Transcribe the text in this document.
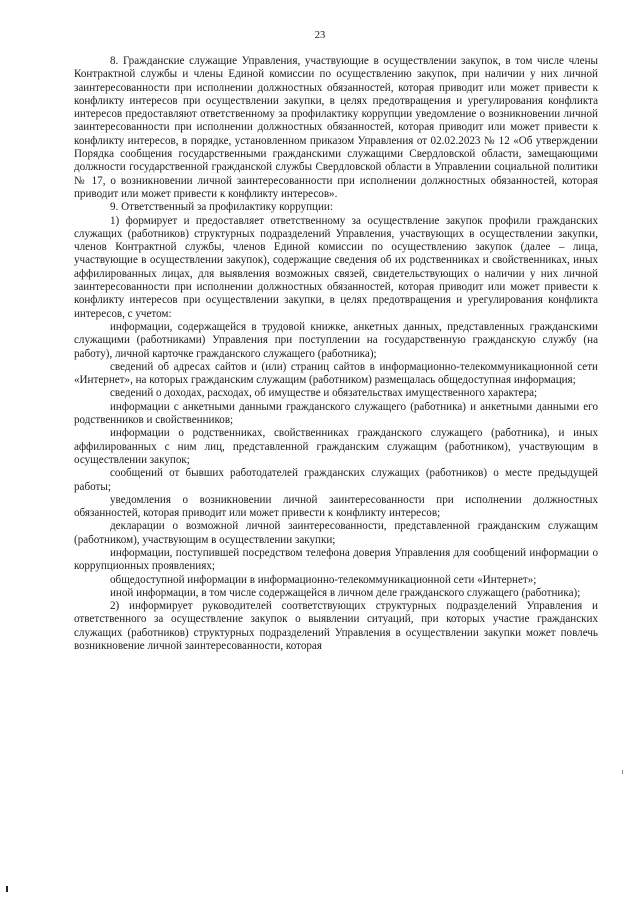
23

8. Гражданские служащие Управления, участвующие в осуществлении закупок, в том числе члены Контрактной службы и члены Единой комиссии по осуществлению закупок, при наличии у них личной заинтересованности при исполнении должностных обязанностей, которая приводит или может привести к конфликту интересов при осуществлении закупки, в целях предотвращения и урегулирования конфликта интересов предоставляют ответственному за профилактику коррупции уведомление о возникновении личной заинтересованности при исполнении должностных обязанностей, которая приводит или может привести к конфликту интересов, в порядке, установленном приказом Управления от 02.02.2023 № 12 «Об утверждении Порядка сообщения государственными гражданскими служащими Свердловской области, замещающими должности государственной гражданской службы Свердловской области в Управлении социальной политики № 17, о возникновении личной заинтересованности при исполнении должностных обязанностей, которая приводит или может привести к конфликту интересов».

9. Ответственный за профилактику коррупции:

1) формирует и предоставляет ответственному за осуществление закупок профили гражданских служащих (работников) структурных подразделений Управления, участвующих в осуществлении закупки, членов Контрактной службы, членов Единой комиссии по осуществлению закупок (далее – лица, участвующие в осуществлении закупок), содержащие сведения об их родственниках и свойственниках, иных аффилированных лицах, для выявления возможных связей, свидетельствующих о наличии у них личной заинтересованности при исполнении должностных обязанностей, которая приводит или может привести к конфликту интересов при осуществлении закупки, в целях предотвращения и урегулирования конфликта интересов, с учетом:

информации, содержащейся в трудовой книжке, анкетных данных, представленных гражданскими служащими (работниками) Управления при поступлении на государственную гражданскую службу (на работу), личной карточке гражданского служащего (работника);

сведений об адресах сайтов и (или) страниц сайтов в информационно-телекоммуникационной сети «Интернет», на которых гражданским служащим (работником) размещалась общедоступная информация;

сведений о доходах, расходах, об имуществе и обязательствах имущественного характера;

информации с анкетными данными гражданского служащего (работника) и анкетными данными его родственников и свойственников;

информации о родственниках, свойственниках гражданского служащего (работника), и иных аффилированных с ним лиц, представленной гражданским служащим (работником), участвующим в осуществлении закупок;

сообщений от бывших работодателей гражданских служащих (работников) о месте предыдущей работы;

уведомления о возникновении личной заинтересованности при исполнении должностных обязанностей, которая приводит или может привести к конфликту интересов;

декларации о возможной личной заинтересованности, представленной гражданским служащим (работником), участвующим в осуществлении закупки;

информации, поступившей посредством телефона доверия Управления для сообщений информации о коррупционных проявлениях;

общедоступной информации в информационно-телекоммуникационной сети «Интернет»;

иной информации, в том числе содержащейся в личном деле гражданского служащего (работника);

2) информирует руководителей соответствующих структурных подразделений Управления и ответственного за осуществление закупок о выявлении ситуаций, при которых участие гражданских служащих (работников) структурных подразделений Управления в осуществлении закупки может повлечь возникновение личной заинтересованности, которая
